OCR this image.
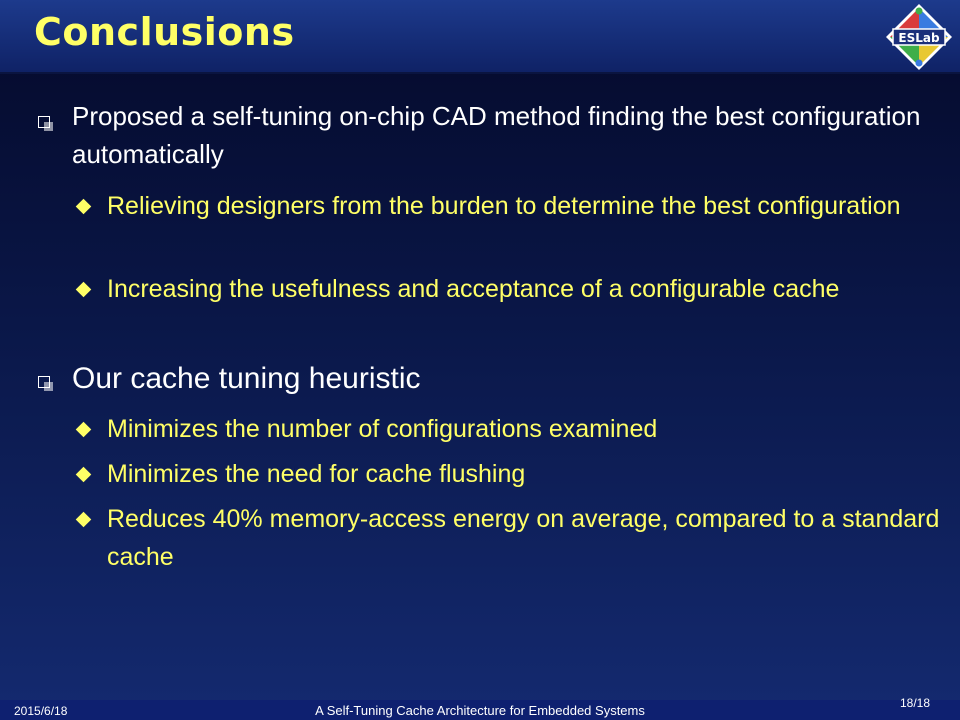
Conclusions	ESLab
Proposed a self-tuning on-chip CAD method finding the best configuration automatically
Relieving designers from the burden to determine the best configuration
Increasing the usefulness and acceptance of a configurable cache
Our cache tuning heuristic
Minimizes the number of configurations examined
Minimizes the need for cache flushing
Reduces 40% memory-access energy on average, compared to a standard cache
2015/6/18	A Self-Tuning Cache Architecture for Embedded Systems	18/18
